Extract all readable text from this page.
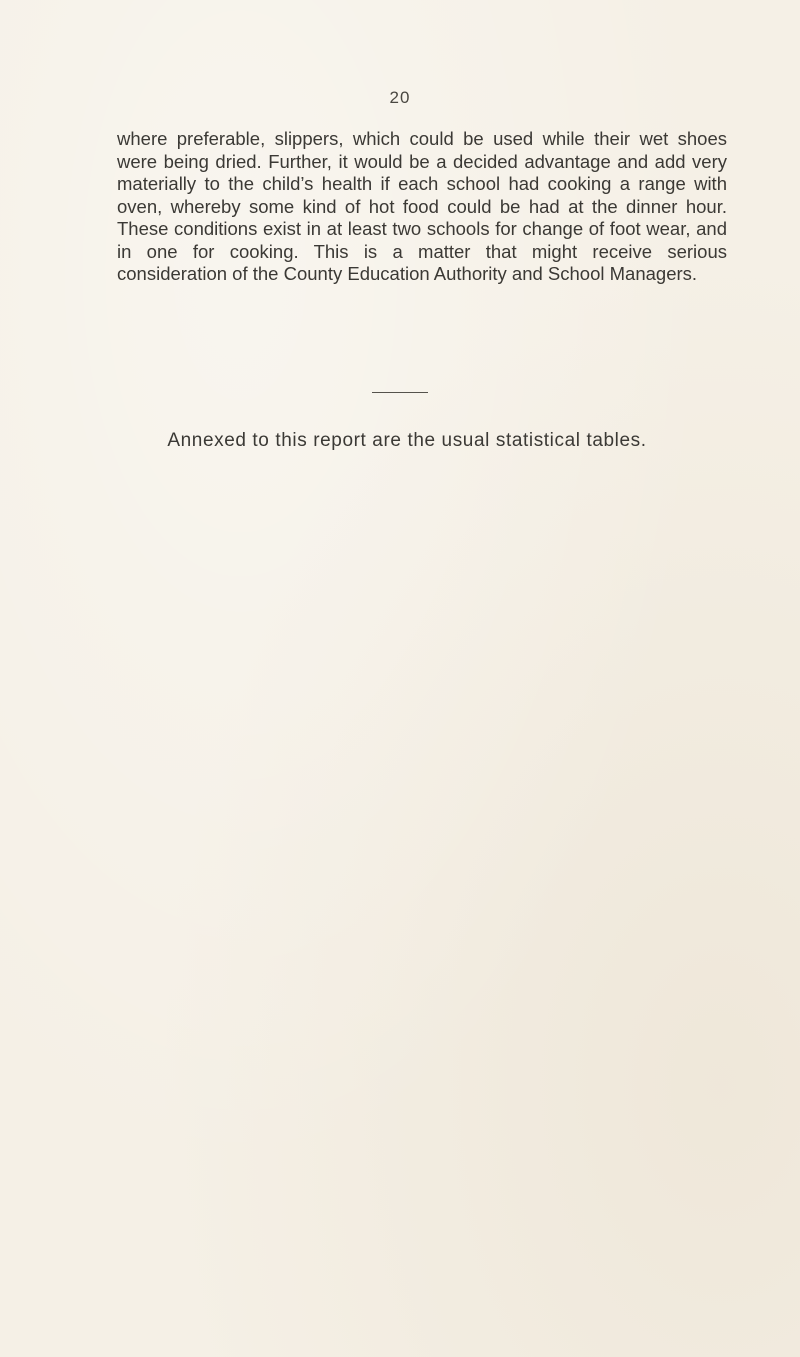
20

where preferable, slippers, which could be used while their wet shoes were being dried. Further, it would be a decided advantage and add very materially to the child’s health if each school had cooking a range with oven, whereby some kind of hot food could be had at the dinner hour. These conditions exist in at least two schools for change of foot wear, and in one for cooking. This is a matter that might receive serious consideration of the County Education Authority and School Managers.

Annexed to this report are the usual statistical tables.
